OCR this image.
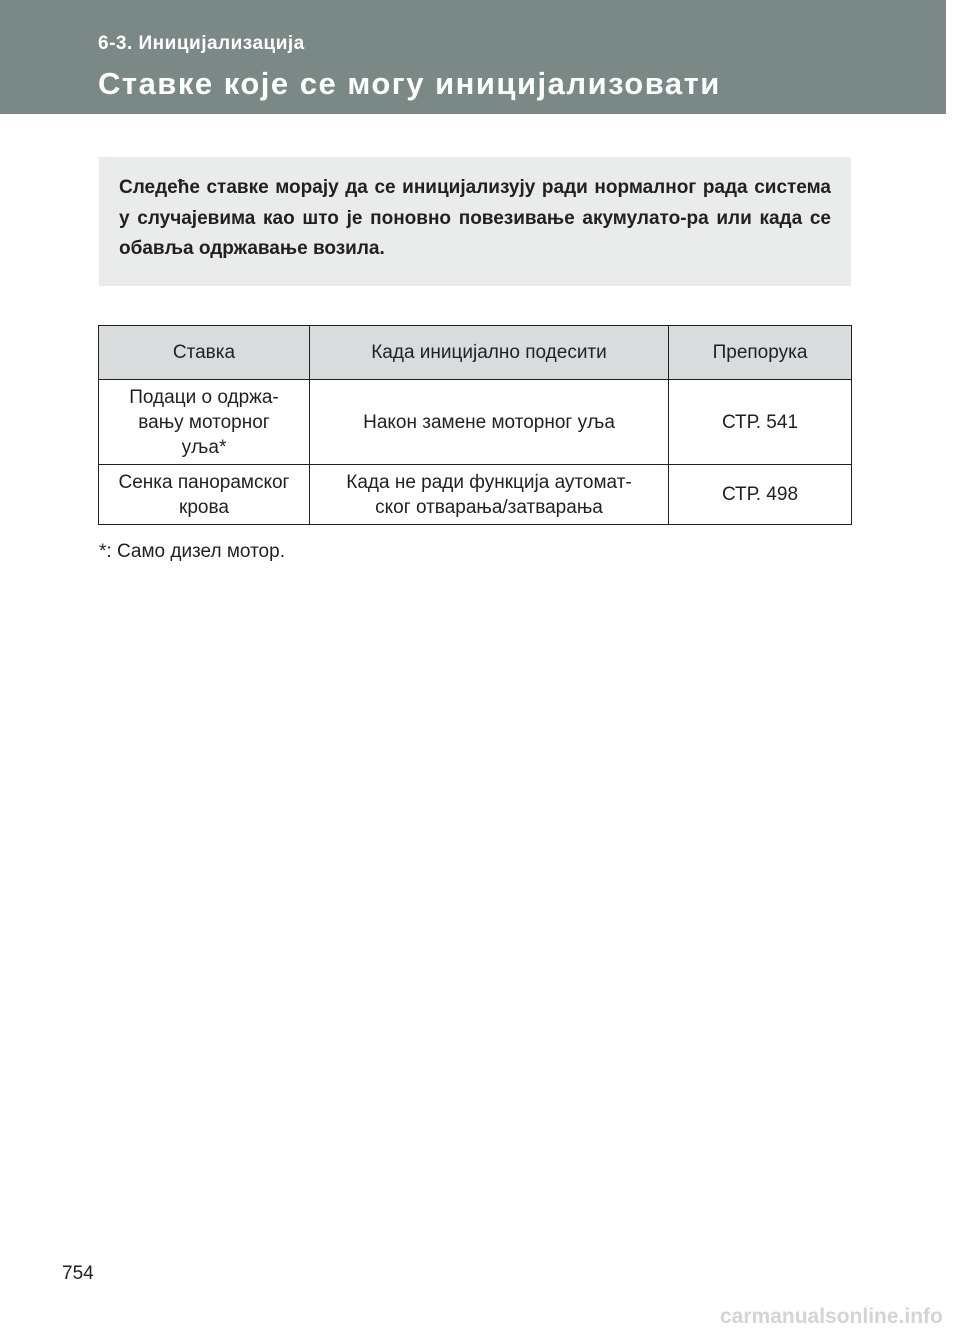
6-3. Иницијализација
Ставке које се могу иницијализовати

Следеће ставке морају да се иницијализују ради нормалног рада система у случајевима као што је поновно повезивање акумулато-ра или када се обавља одржавање возила.

Ставка	Када иницијално подесити	Препорука
Подаци о одржа-
вању моторног
уља*	Након замене моторног уља	СТР. 541
Сенка панорамског
крова	Када не ради функција аутомат-
ског отварања/затварања	СТР. 498
*: Само дизел мотор.
754
carmanualsonline.info
